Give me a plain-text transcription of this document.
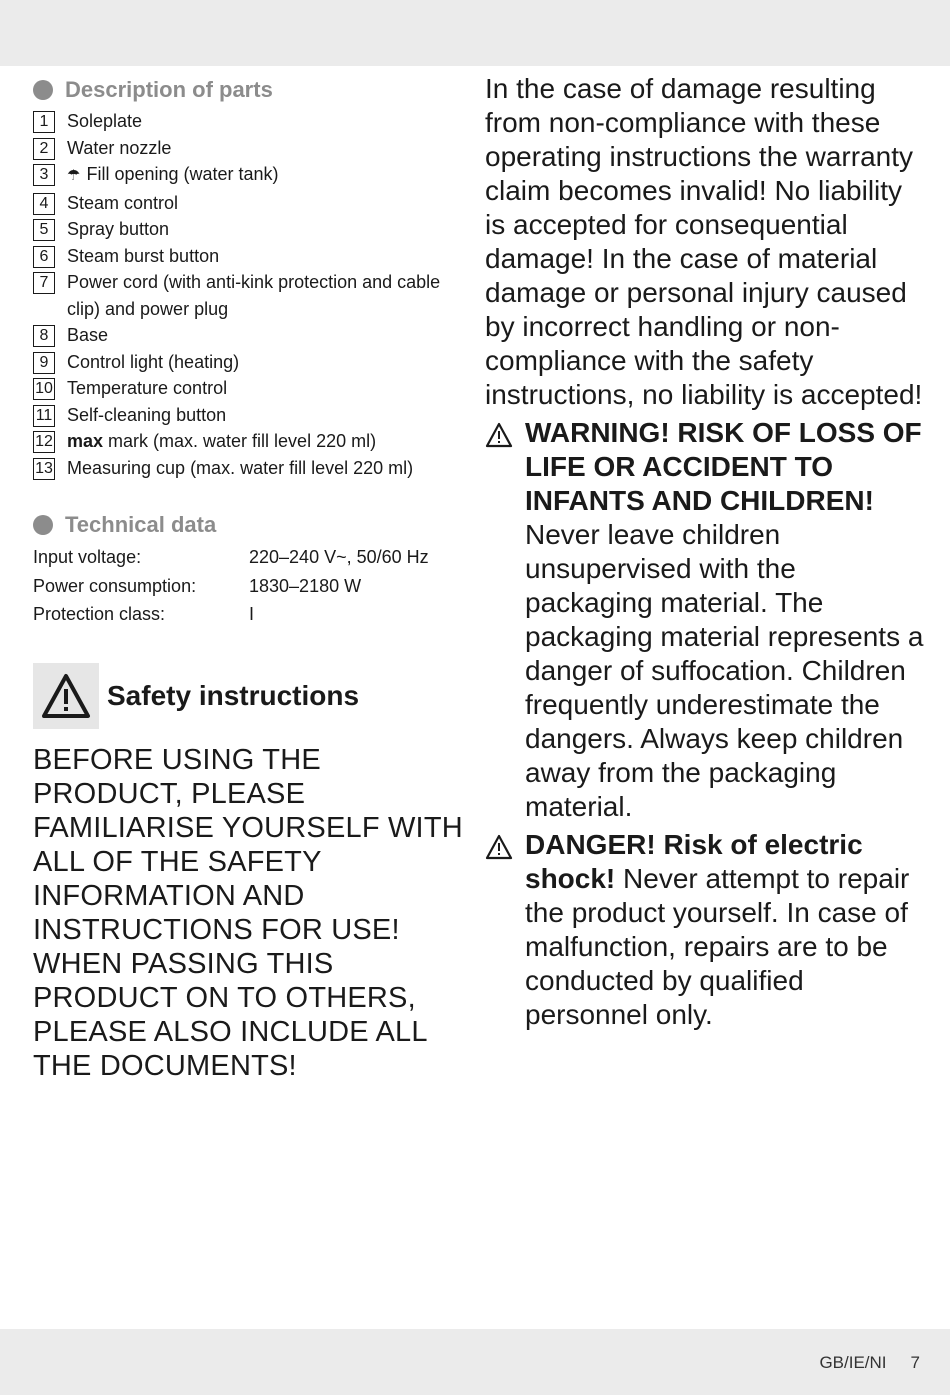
Description of parts
1	Soleplate
2	Water nozzle
3	☂ Fill opening (water tank)
4	Steam control
5	Spray button
6	Steam burst button
7	Power cord (with anti-kink protection and cable clip) and power plug
8	Base
9	Control light (heating)
10 Temperature control
11 Self-cleaning button
12 max mark (max. water fill level 220 ml)
13 Measuring cup (max. water fill level 220 ml)
Technical data
Input voltage:	220–240 V~, 50/60 Hz
Power consumption:	1830–2180 W
Protection class:	I
Safety instructions

BEFORE USING THE PRODUCT, PLEASE FAMILIARISE YOURSELF WITH ALL OF THE SAFETY INFORMATION AND INSTRUCTIONS FOR USE! WHEN PASSING THIS PRODUCT ON TO OTHERS, PLEASE ALSO INCLUDE ALL THE DOCUMENTS!

In the case of damage resulting from non-compliance with these operating instructions the warranty claim becomes invalid! No liability is accepted for consequential damage! In the case of material damage or personal injury caused by incorrect handling or non-compliance with the safety instructions, no liability is accepted!

WARNING! RISK OF LOSS OF LIFE OR ACCIDENT TO INFANTS AND CHILDREN!
Never leave children unsupervised with the packaging material. The packaging material represents a danger of suffocation. Children frequently underestimate the dangers. Always keep children away from the packaging material.
DANGER! Risk of electric shock! Never attempt to repair the product yourself. In case of malfunction, repairs are to be conducted by qualified personnel only.
GB/IE/NI 7
